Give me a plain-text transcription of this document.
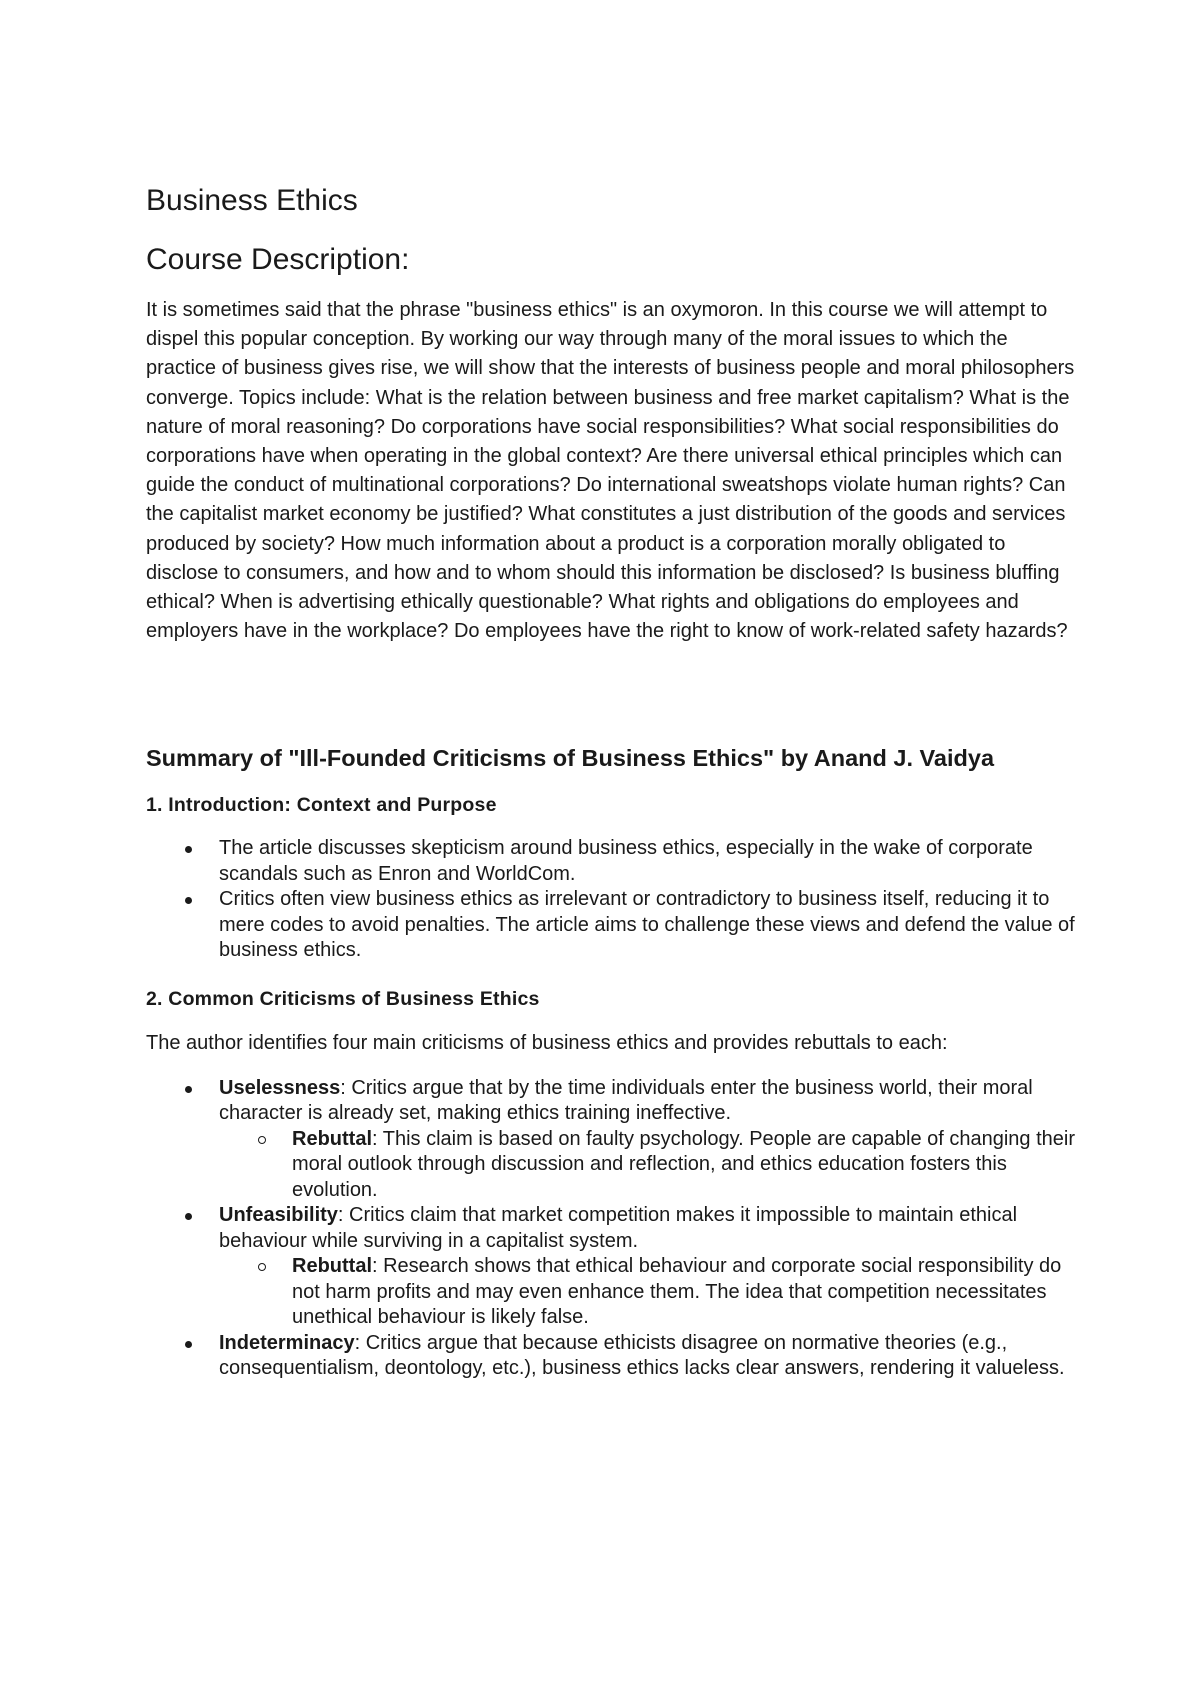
Business Ethics
Course Description:

It is sometimes said that the phrase "business ethics" is an oxymoron. In this course we will attempt to dispel this popular conception. By working our way through many of the moral issues to which the practice of business gives rise, we will show that the interests of business people and moral philosophers converge. Topics include: What is the relation between business and free market capitalism? What is the nature of moral reasoning? Do corporations have social responsibilities? What social responsibilities do corporations have when operating in the global context? Are there universal ethical principles which can guide the conduct of multinational corporations? Do international sweatshops violate human rights? Can the capitalist market economy be justified? What constitutes a just distribution of the goods and services produced by society? How much information about a product is a corporation morally obligated to disclose to consumers, and how and to whom should this information be disclosed? Is business bluffing ethical? When is advertising ethically questionable? What rights and obligations do employees and employers have in the workplace? Do employees have the right to know of work-related safety hazards?

Summary of "Ill-Founded Criticisms of Business Ethics" by Anand J. Vaidya
1. Introduction: Context and Purpose
The article discusses skepticism around business ethics, especially in the wake of corporate scandals such as Enron and WorldCom.
Critics often view business ethics as irrelevant or contradictory to business itself, reducing it to mere codes to avoid penalties. The article aims to challenge these views and defend the value of business ethics.
2. Common Criticisms of Business Ethics

The author identifies four main criticisms of business ethics and provides rebuttals to each:

Uselessness: Critics argue that by the time individuals enter the business world, their moral character is already set, making ethics training ineffective.
Rebuttal: This claim is based on faulty psychology. People are capable of changing their moral outlook through discussion and reflection, and ethics education fosters this evolution.
Unfeasibility: Critics claim that market competition makes it impossible to maintain ethical behaviour while surviving in a capitalist system.
Rebuttal: Research shows that ethical behaviour and corporate social responsibility do not harm profits and may even enhance them. The idea that competition necessitates unethical behaviour is likely false.
Indeterminacy: Critics argue that because ethicists disagree on normative theories (e.g., consequentialism, deontology, etc.), business ethics lacks clear answers, rendering it valueless.
